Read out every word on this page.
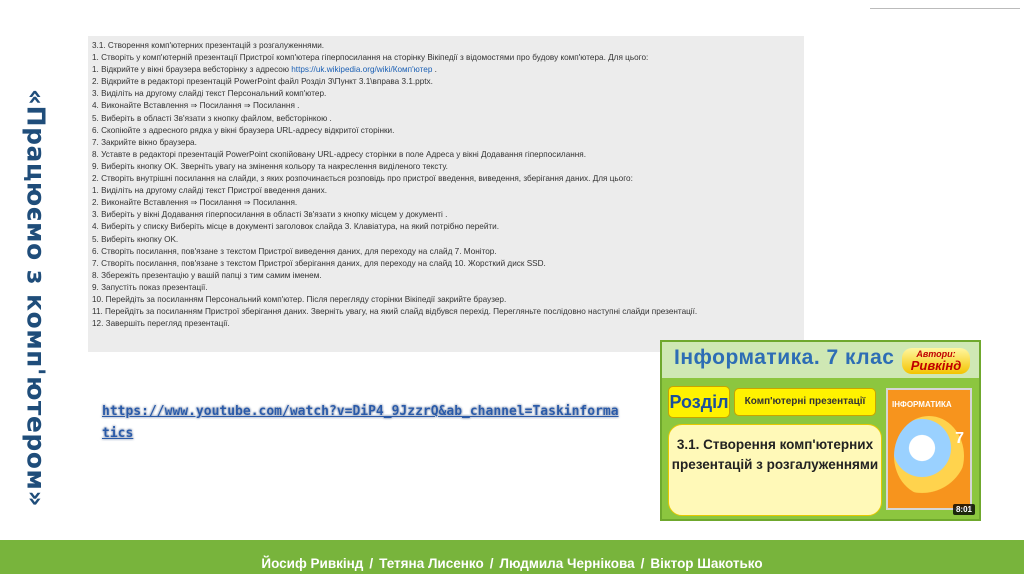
«Працюємо з комп'ютером»
3.1. Створення комп'ютерних презентацій з розгалуженнями.
1. Створіть у комп'ютерній презентації Пристрої комп'ютера гіперпосилання на сторінку Вікіпедії з відомостями про будову комп'ютера. Для цього:
1. Відкрийте у вікні браузера вебсторінку з адресою https://uk.wikipedia.org/wiki/Комп'ютер .
2. Відкрийте в редакторі презентацій PowerPoint файл Розділ 3\Пункт 3.1\вправа 3.1.pptx.
3. Виділіть на другому слайді текст Персональний комп'ютер.
4. Виконайте Вставлення ⇒ Посилання ⇒ Посилання .
5. Виберіть в області Зв'язати з кнопку файлом, вебсторінкою .
6. Скопіюйте з адресного рядка у вікні браузера URL-адресу відкритої сторінки.
7. Закрийте вікно браузера.
8. Уставте в редакторі презентацій PowerPoint скопійовану URL-адресу сторінки в поле Адреса у вікні Додавання гіперпосилання.
9. Виберіть кнопку OK. Зверніть увагу на змінення кольору та накреслення виділеного тексту.
2. Створіть внутрішні посилання на слайди, з яких розпочинається розповідь про пристрої введення, виведення, зберігання даних. Для цього:
1. Виділіть на другому слайді текст Пристрої введення даних.
2. Виконайте Вставлення ⇒ Посилання ⇒ Посилання.
3. Виберіть у вікні Додавання гіперпосилання в області Зв'язати з кнопку місцем у документі .
4. Виберіть у списку Виберіть місце в документі заголовок слайда 3. Клавіатура, на який потрібно перейти.
5. Виберіть кнопку OK.
6. Створіть посилання, пов'язане з текстом Пристрої виведення даних, для переходу на слайд 7. Монітор.
7. Створіть посилання, пов'язане з текстом Пристрої зберігання даних, для переходу на слайд 10. Жорсткий диск SSD.
8. Збережіть презентацію у вашій папці з тим самим іменем.
9. Запустіть показ презентації.
10. Перейдіть за посиланням Персональний комп'ютер. Після перегляду сторінки Вікіпедії закрийте браузер.
11. Перейдіть за посиланням Пристрої зберігання даних. Зверніть увагу, на який слайд відбувся перехід. Перегляньте послідовно наступні слайди презентації.
12. Завершіть перегляд презентації.
https://www.youtube.com/watch?v=DiP4_9JzzrQ&ab_channel=Taskinformatics
Інформатика. 7 клас	Автори:
Ривкінд
Розділ	Комп'ютерні презентації
3.1. Створення комп'ютерних презентацій з розгалуженнями
ІНФОРМАТИКА
7
8:01
Йосиф Ривкінд / Тетяна Лисенко / Людмила Чернікова / Віктор Шакотько
